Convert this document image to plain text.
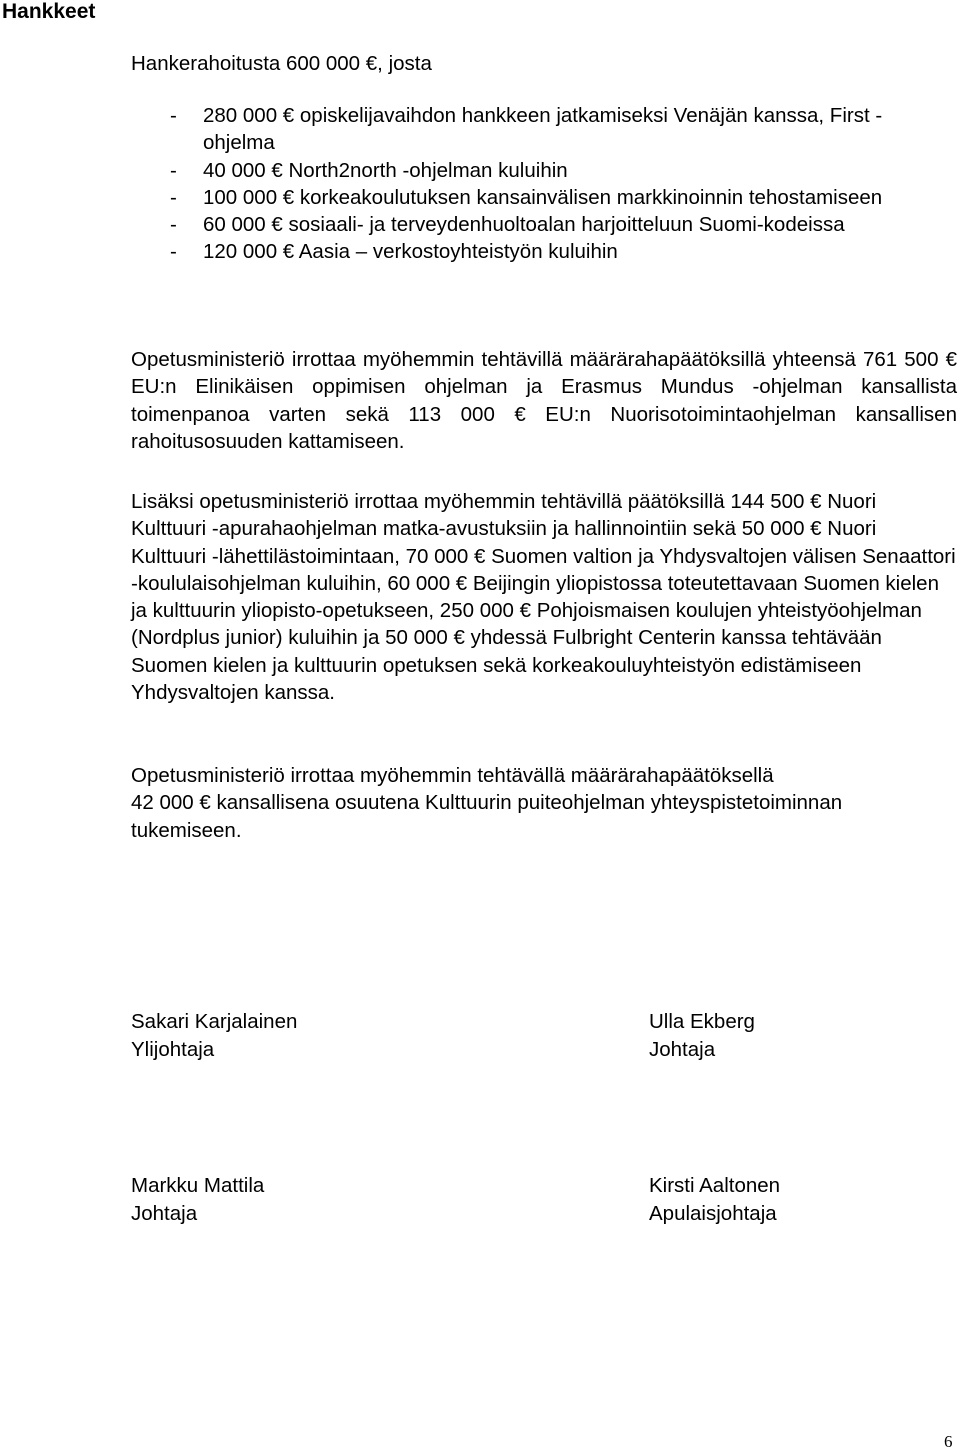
Hankkeet
Hankerahoitusta 600 000 €, josta
-	280 000 € opiskelijavaihdon hankkeen jatkamiseksi Venäjän kanssa, First -ohjelma
-	40 000 € North2north -ohjelman kuluihin
-	100 000 € korkeakoulutuksen kansainvälisen markkinoinnin tehostamiseen
-	60 000 € sosiaali- ja terveydenhuoltoalan harjoitteluun Suomi-kodeissa
-	120 000 € Aasia – verkostoyhteistyön kuluihin
Opetusministeriö irrottaa myöhemmin tehtävillä määrärahapäätöksillä yhteensä 761 500 € EU:n Elinikäisen oppimisen ohjelman ja Erasmus Mundus -ohjelman kansallista toimenpanoa varten sekä 113 000 € EU:n Nuorisotoimintaohjelman kansallisen rahoitusosuuden kattamiseen.
Lisäksi opetusministeriö irrottaa myöhemmin tehtävillä päätöksillä 144 500 € Nuori Kulttuuri -apurahaohjelman matka-avustuksiin ja hallinnointiin sekä 50 000 € Nuori Kulttuuri -lähettilästoimintaan, 70 000 € Suomen valtion ja Yhdysvaltojen välisen Senaattori -koululaisohjelman kuluihin, 60 000 € Beijingin yliopistossa toteutettavaan Suomen kielen ja kulttuurin yliopisto-opetukseen, 250 000 € Pohjoismaisen koulujen yhteistyöohjelman (Nordplus junior) kuluihin ja 50 000 € yhdessä Fulbright Centerin kanssa tehtävään Suomen kielen ja kulttuurin opetuksen sekä korkeakouluyhteistyön edistämiseen Yhdysvaltojen kanssa.
Opetusministeriö irrottaa myöhemmin tehtävällä määrärahapäätöksellä
42 000 € kansallisena osuutena Kulttuurin puiteohjelman yhteyspistetoiminnan tukemiseen.
Sakari Karjalainen
Ylijohtaja
Ulla Ekberg
Johtaja
Markku Mattila
Johtaja
Kirsti Aaltonen
Apulaisjohtaja
6
